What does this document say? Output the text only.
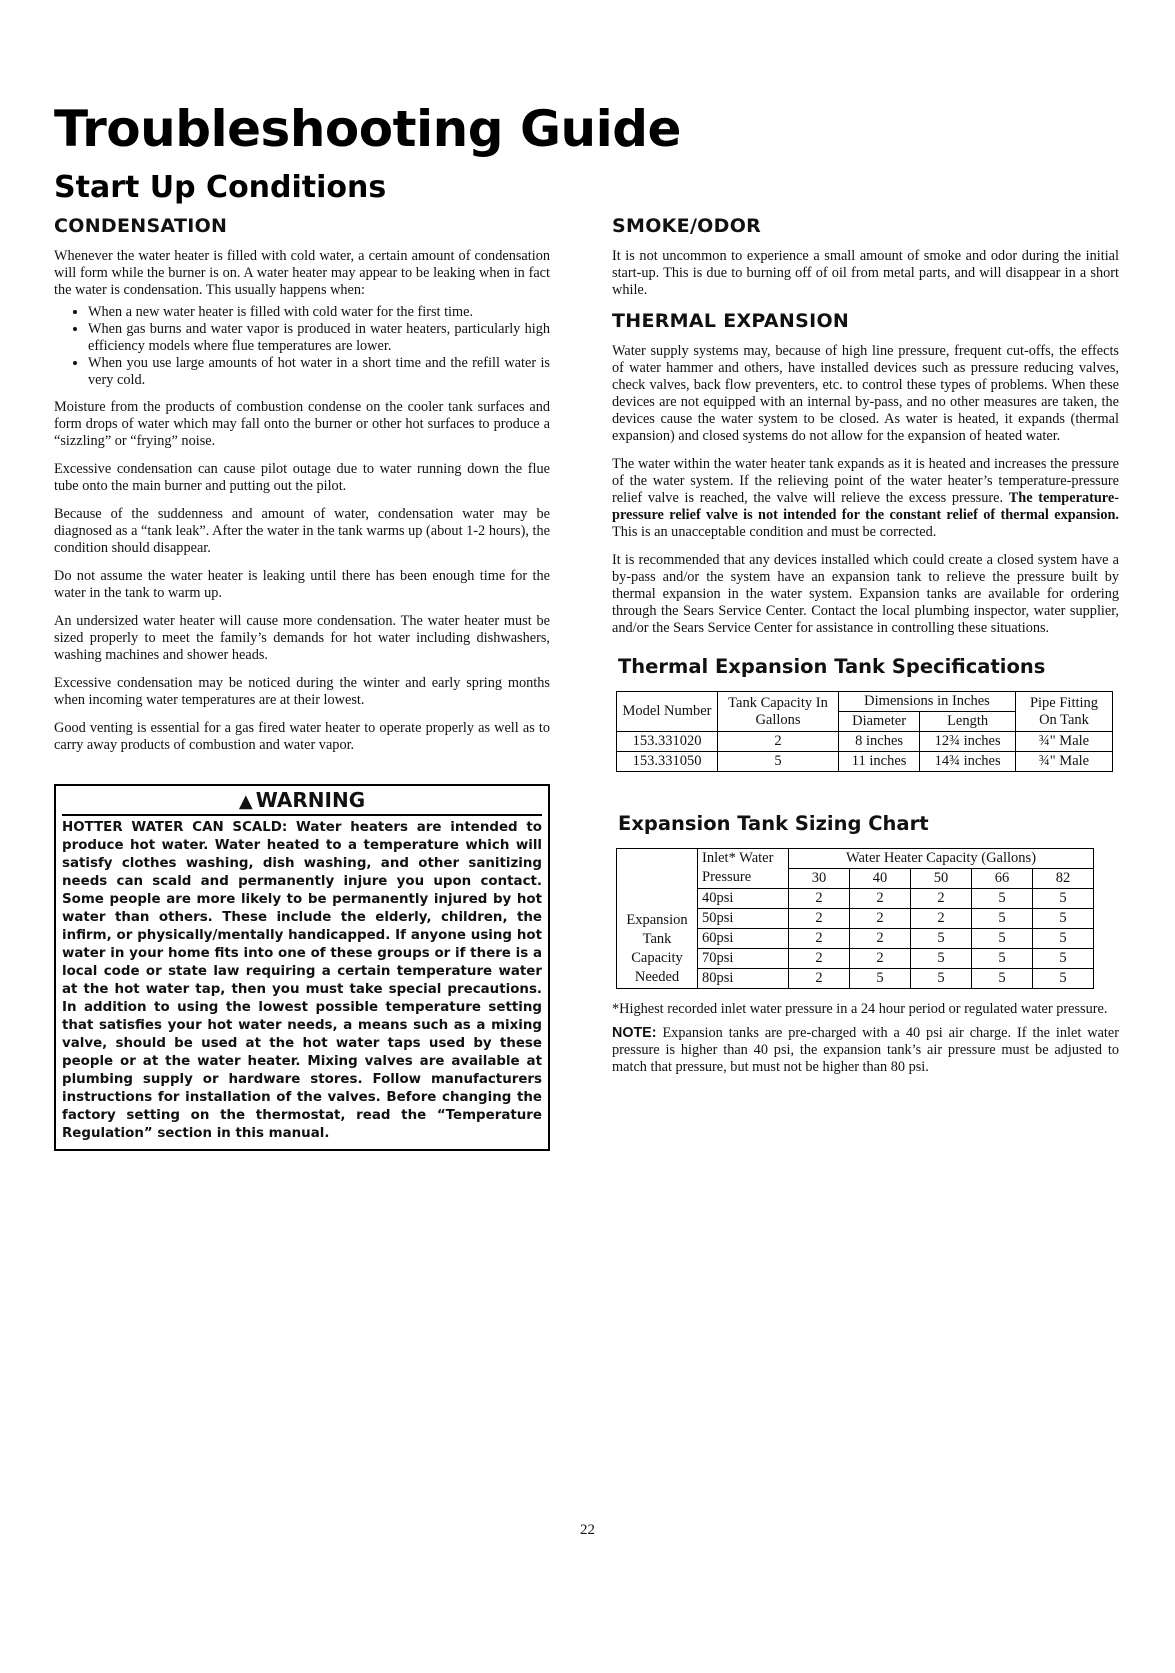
Troubleshooting Guide
Start Up Conditions
CONDENSATION

Whenever the water heater is filled with cold water, a certain amount of condensation will form while the burner is on. A water heater may appear to be leaking when in fact the water is condensation. This usually happens when:

• When a new water heater is filled with cold water for the first time.
• When gas burns and water vapor is produced in water heaters, particularly high efficiency models where flue temperatures are lower.
• When you use large amounts of hot water in a short time and the refill water is very cold.

Moisture from the products of combustion condense on the cooler tank surfaces and form drops of water which may fall onto the burner or other hot surfaces to produce a “sizzling” or “frying” noise.

Excessive condensation can cause pilot outage due to water running down the flue tube onto the main burner and putting out the pilot.

Because of the suddenness and amount of water, condensation water may be diagnosed as a “tank leak”. After the water in the tank warms up (about 1-2 hours), the condition should disappear.

Do not assume the water heater is leaking until there has been enough time for the water in the tank to warm up.

An undersized water heater will cause more condensation. The water heater must be sized properly to meet the family’s demands for hot water including dishwashers, washing machines and shower heads.

Excessive condensation may be noticed during the winter and early spring months when incoming water temperatures are at their lowest.

Good venting is essential for a gas fired water heater to operate properly as well as to carry away products of combustion and water vapor.

▲ WARNING

HOTTER WATER CAN SCALD: Water heaters are intended to produce hot water. Water heated to a temperature which will satisfy clothes washing, dish washing, and other sanitizing needs can scald and permanently injure you upon contact. Some people are more likely to be permanently injured by hot water than others. These include the elderly, children, the infirm, or physically/mentally handicapped. If anyone using hot water in your home fits into one of these groups or if there is a local code or state law requiring a certain temperature water at the hot water tap, then you must take special precautions. In addition to using the lowest possible temperature setting that satisfies your hot water needs, a means such as a mixing valve, should be used at the hot water taps used by these people or at the water heater. Mixing valves are available at plumbing supply or hardware stores. Follow manufacturers instructions for installation of the valves. Before changing the factory setting on the thermostat, read the “Temperature Regulation” section in this manual.

SMOKE/ODOR

It is not uncommon to experience a small amount of smoke and odor during the initial start-up. This is due to burning off of oil from metal parts, and will disappear in a short while.

THERMAL EXPANSION

Water supply systems may, because of high line pressure, frequent cut-offs, the effects of water hammer and others, have installed devices such as pressure reducing valves, check valves, back flow preventers, etc. to control these types of problems. When these devices are not equipped with an internal by-pass, and no other measures are taken, the devices cause the water system to be closed. As water is heated, it expands (thermal expansion) and closed systems do not allow for the expansion of heated water.

The water within the water heater tank expands as it is heated and increases the pressure of the water system. If the relieving point of the water heater’s temperature-pressure relief valve is reached, the valve will relieve the excess pressure. The temperature-pressure relief valve is not intended for the constant relief of thermal expansion. This is an unacceptable condition and must be corrected.

It is recommended that any devices installed which could create a closed system have a by-pass and/or the system have an expansion tank to relieve the pressure built by thermal expansion in the water system. Expansion tanks are available for ordering through the Sears Service Center. Contact the local plumbing inspector, water supplier, and/or the Sears Service Center for assistance in controlling these situations.

Thermal Expansion Tank Specifications
Model Number	Tank Capacity In Gallons	Dimensions in Inches		Pipe Fitting On Tank
		Diameter	Length	
153.331020	2	8 inches	12¾ inches	¾" Male
153.331050	5	11 inches	14¾ inches	¾" Male
Expansion Tank Sizing Chart
Expansion Tank Capacity Needed	Inlet* Water Pressure	Water Heater Capacity (Gallons)				
		30	40	50	66	82
	40psi	2	2	2	5	5
	50psi	2	2	2	5	5
	60psi	2	2	5	5	5
	70psi	2	2	5	5	5
	80psi	2	5	5	5	5

*Highest recorded inlet water pressure in a 24 hour period or regulated water pressure.

NOTE: Expansion tanks are pre-charged with a 40 psi air charge. If the inlet water pressure is higher than 40 psi, the expansion tank’s air pressure must be adjusted to match that pressure, but must not be higher than 80 psi.

22
